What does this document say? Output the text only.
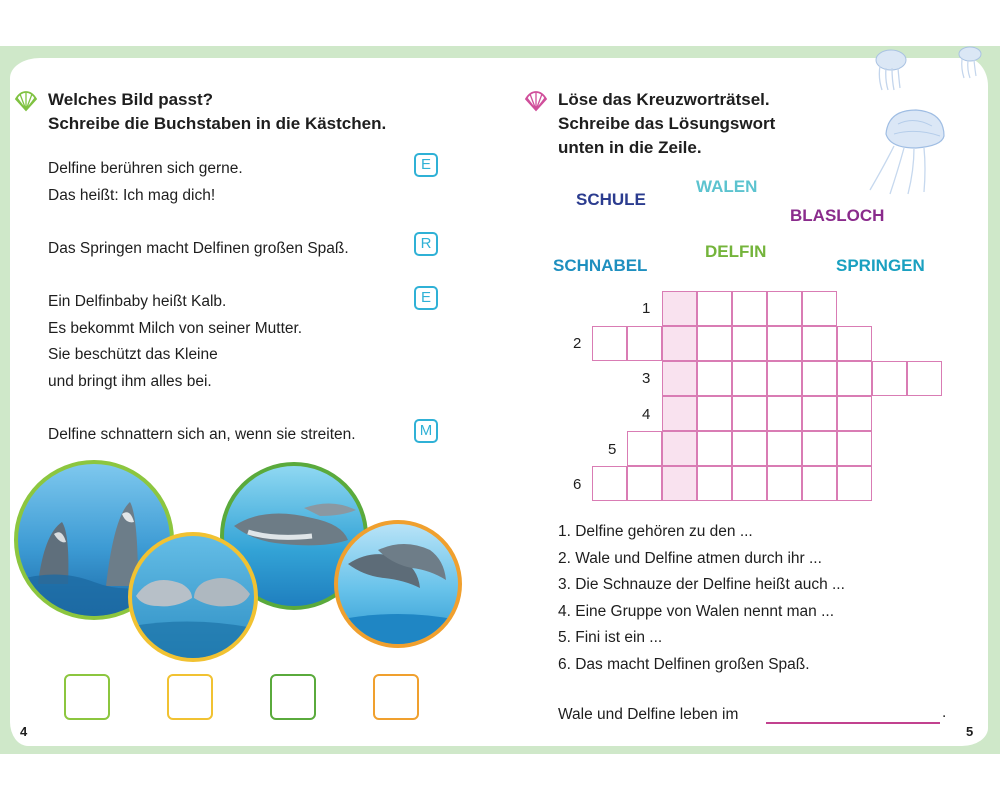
Welches Bild passt?
Schreibe die Buchstaben in die Kästchen.
Delfine berühren sich gerne.
Das heißt: Ich mag dich!
E
Das Springen macht Delfinen großen Spaß.	R
Ein Delfinbaby heißt Kalb.
Es bekommt Milch von seiner Mutter.
Sie beschützt das Kleine
und bringt ihm alles bei.
E
Delfine schnattern sich an, wenn sie streiten.	M
4
Löse das Kreuzworträtsel.
Schreibe das Lösungswort
unten in die Zeile.
SCHULE
WALEN
BLASLOCH
SCHNABEL
DELFIN
SPRINGEN
1
2
3
4
5
6
1. Delfine gehören zu den ...
2. Wale und Delfine atmen durch ihr ...
3. Die Schnauze der Delfine heißt auch ...
4. Eine Gruppe von Walen nennt man ...
5. Fini ist ein ...
6. Das macht Delfinen großen Spaß.
Wale und Delfine leben im	.
5
